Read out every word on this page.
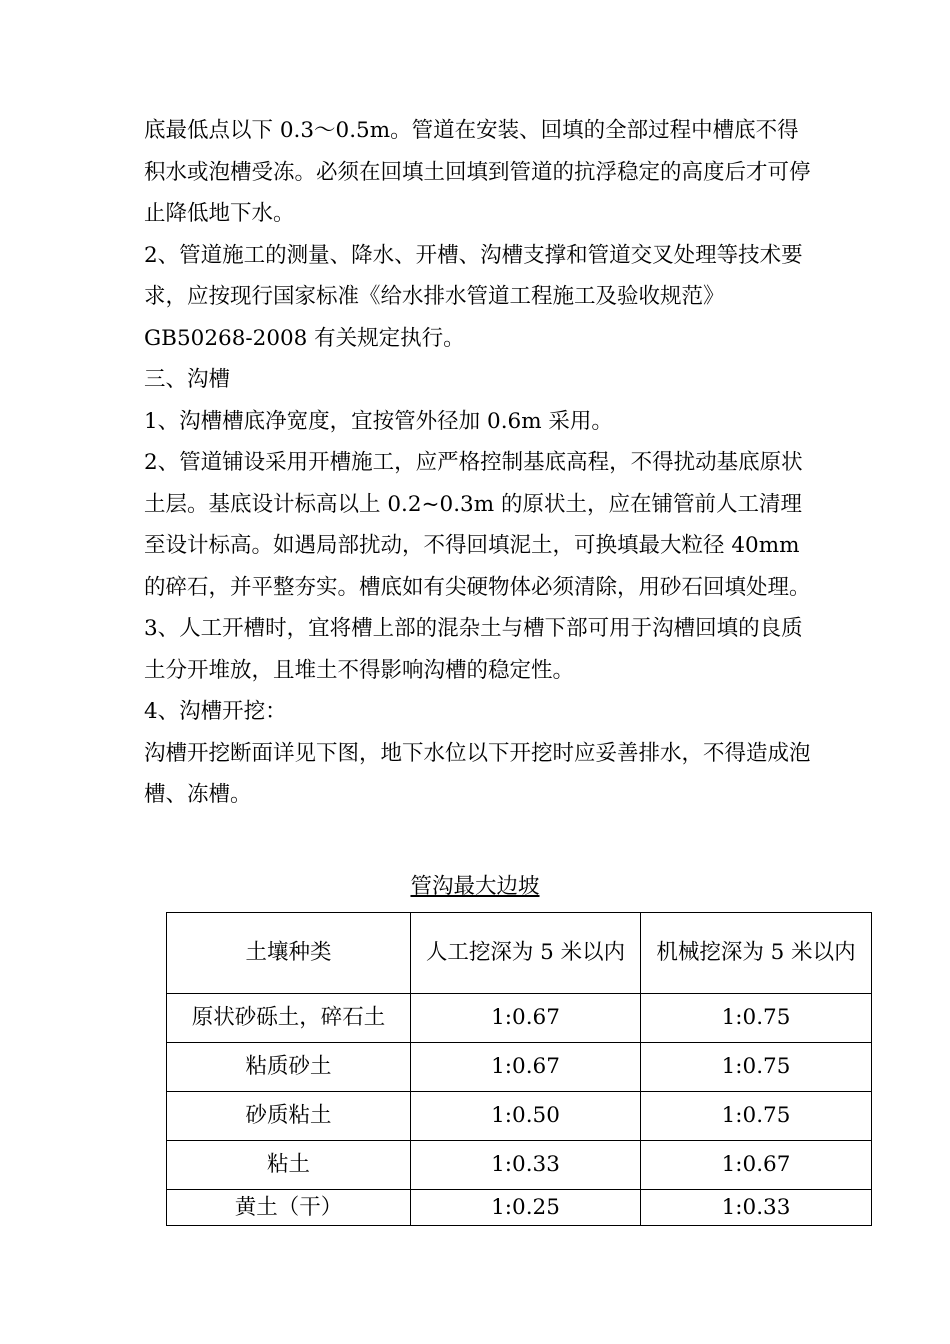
底最低点以下 0.3～0.5m。管道在安装、回填的全部过程中槽底不得积水或泡槽受冻。必须在回填土回填到管道的抗浮稳定的高度后才可停止降低地下水。

2、管道施工的测量、降水、开槽、沟槽支撑和管道交叉处理等技术要求，应按现行国家标准《给水排水管道工程施工及验收规范》GB50268-2008 有关规定执行。

三、沟槽

1、沟槽槽底净宽度，宜按管外径加 0.6m 采用。

2、管道铺设采用开槽施工，应严格控制基底高程，不得扰动基底原状土层。基底设计标高以上 0.2~0.3m 的原状土，应在铺管前人工清理至设计标高。如遇局部扰动，不得回填泥土，可换填最大粒径 40mm 的碎石，并平整夯实。槽底如有尖硬物体必须清除，用砂石回填处理。

3、人工开槽时，宜将槽上部的混杂土与槽下部可用于沟槽回填的良质土分开堆放，且堆土不得影响沟槽的稳定性。

4、沟槽开挖：

沟槽开挖断面详见下图，地下水位以下开挖时应妥善排水，不得造成泡槽、冻槽。

管沟最大边坡
土壤种类	人工挖深为 5 米以内	机械挖深为 5 米以内
原状砂砾土，碎石土	1:0.67	1:0.75
粘质砂土	1:0.67	1:0.75
砂质粘土	1:0.50	1:0.75
粘土	1:0.33	1:0.67
黄土（干）	1:0.25	1:0.33
